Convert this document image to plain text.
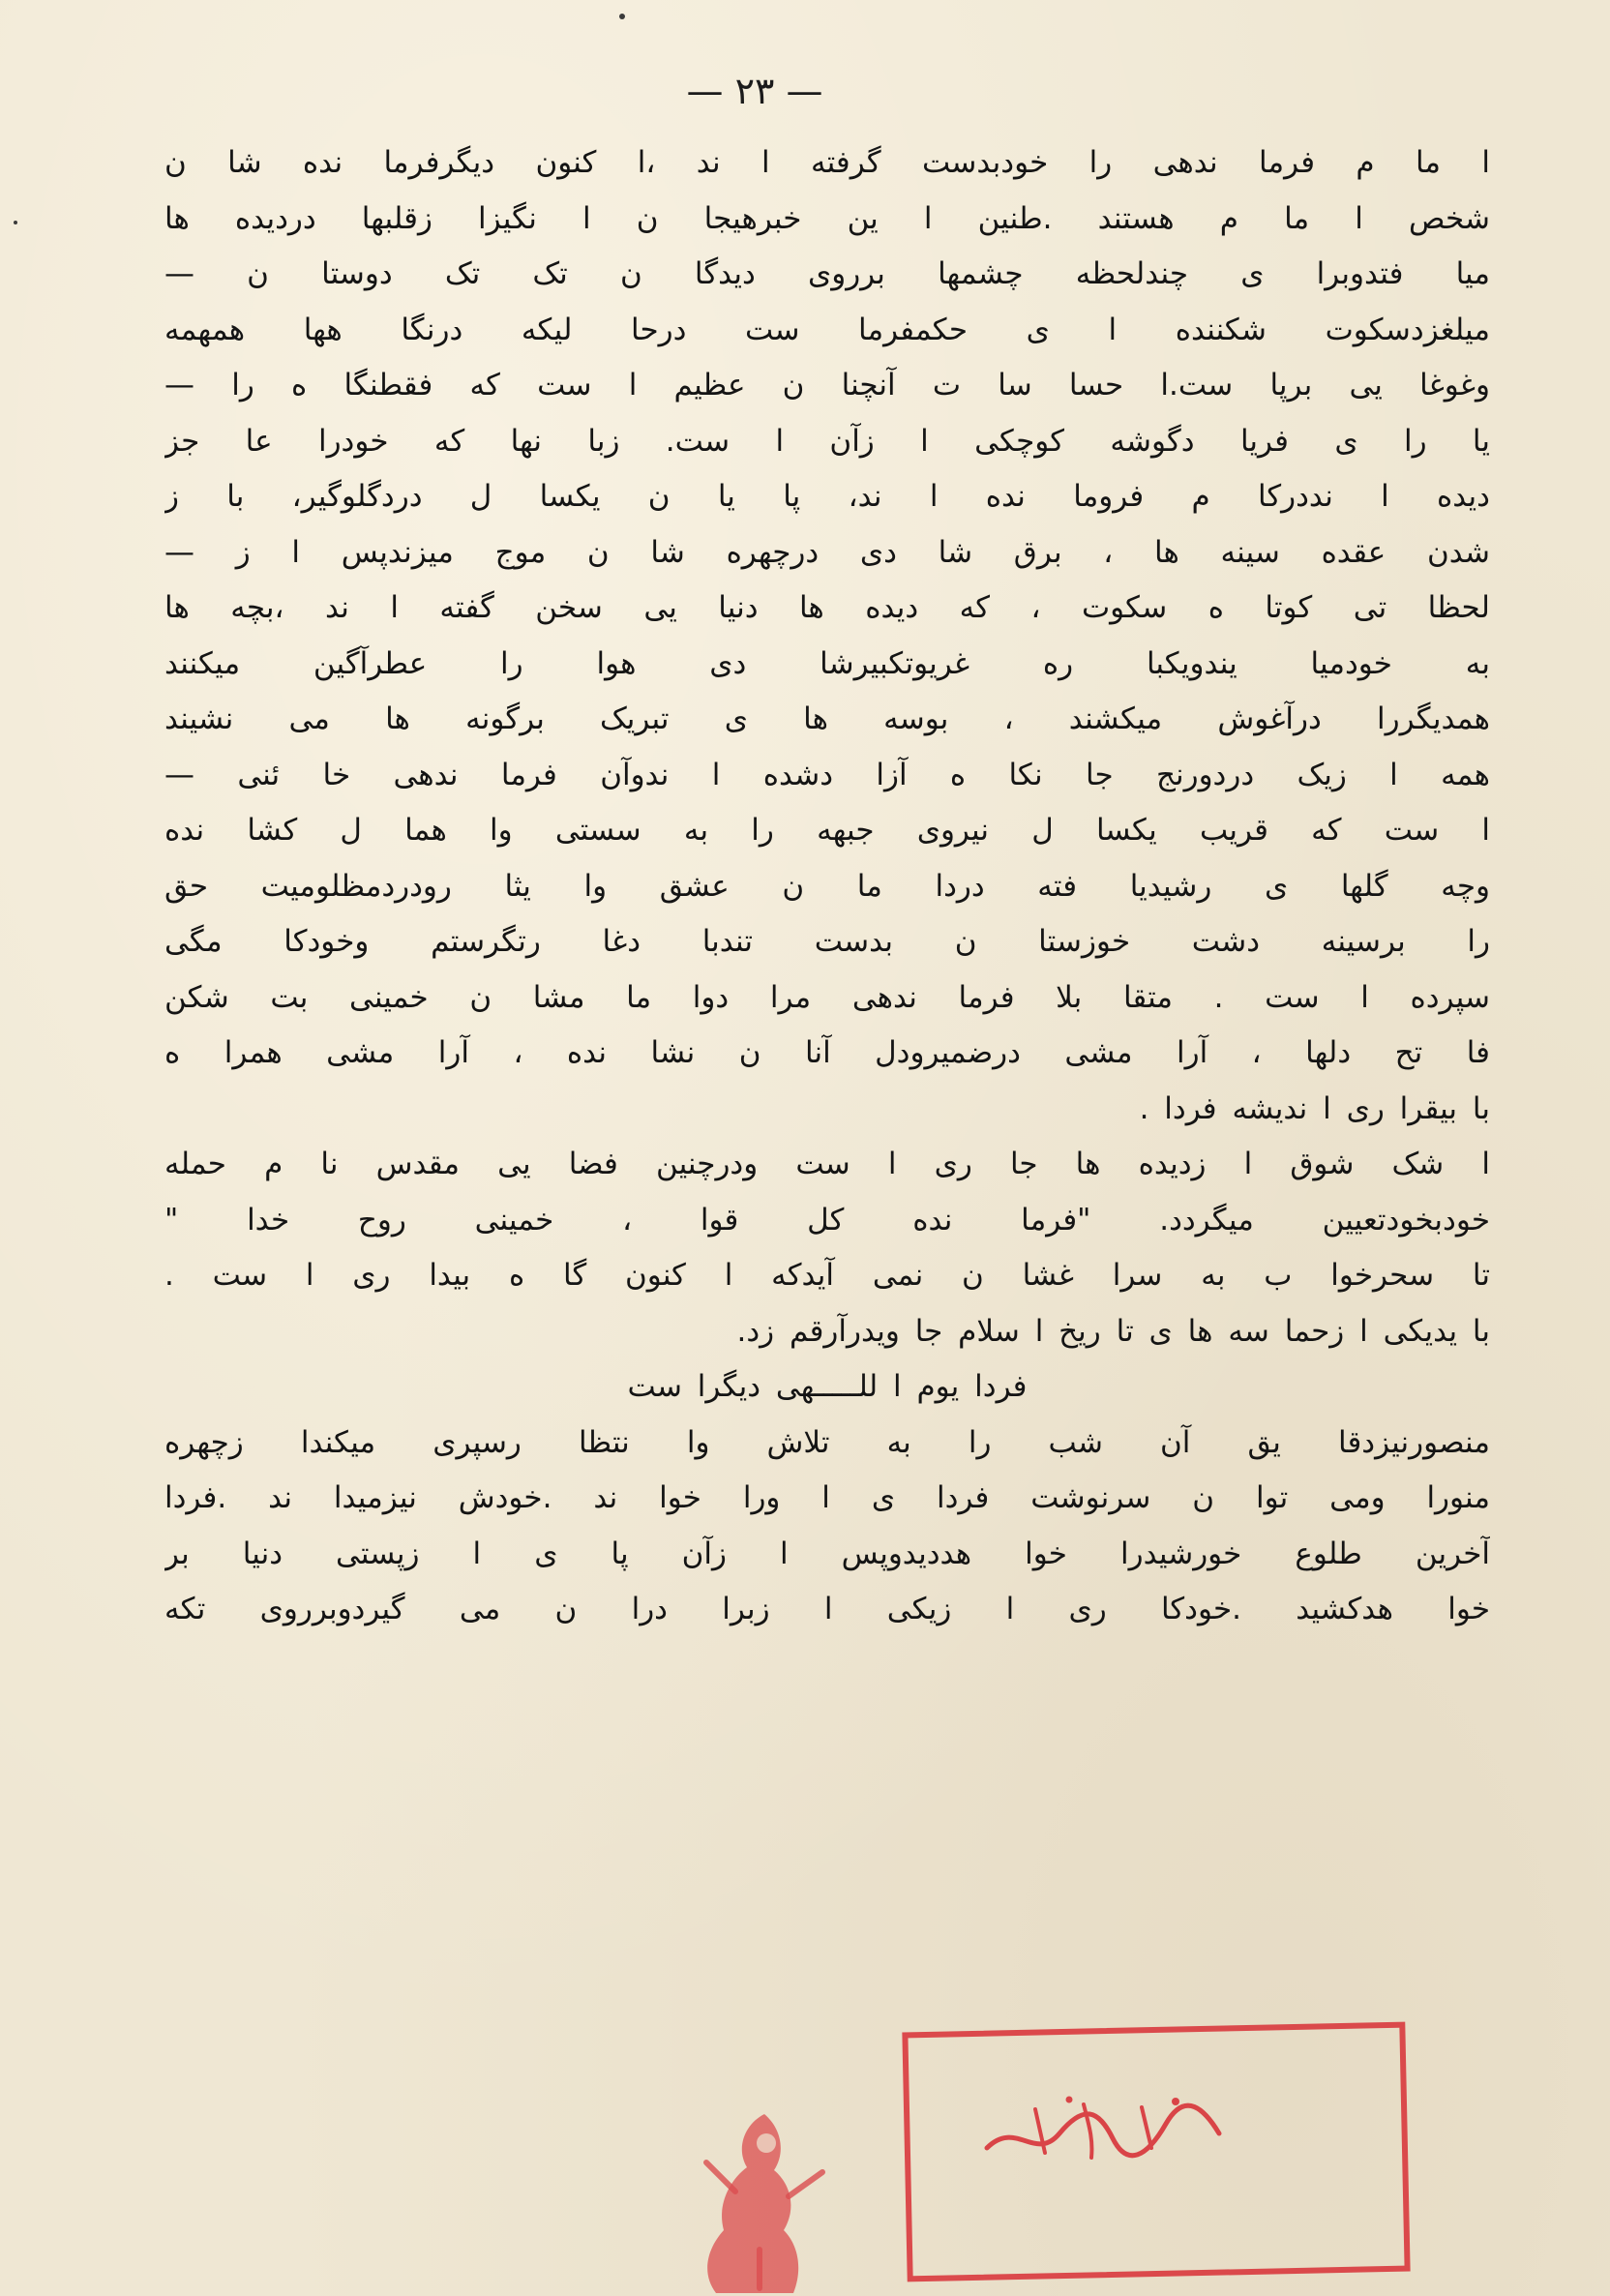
— ٢٣ —
ا ما م فرما ندهی را خودبدست گرفته ا ند ،ا کنون دیگرفرما نده شا ن
شخص ا ما م هستند .طنین ا ین خبرهیجا ن ا نگیزا زقلبها دردیده ها
میا فتدوبرا ی چندلحظه چشمها برروی دیدگا ن تک تک دوستا ن —
میلغزدسکوت شکننده ا ی حکمفرما ست درحا لیکه درنگا هها همهمه
وغوغا یی برپا ست.ا حسا سا ت آنچنا ن عظیم ا ست که فقطنگا ه را —
یا را ی فریا دگوشه کوچکی ا زآن ا ست. زبا نها که خودرا عا جز
دیده ا نددرکا م فروما نده ا ند، پا یا ن یکسا ل دردگلوگیر، با ز
شدن عقده سینه ها ، برق شا دی درچهره شا ن موج میزندپس ا ز —
لحظا تی کوتا ه سکوت ، که دیده ها دنیا یی سخن گفته ا ند ،بچه ها
به خودمیا یندویکبا ره غریوتکبیرشا دی هوا را عطرآگین میکنند
همدیگررا درآغوش میکشند ، بوسه ها ی تبریک برگونه ها می نشیند
همه ا زیک دردورنج جا نکا ه آزا دشده ا ندوآن فرما ندهی خا ئنی —
ا ست که قریب یکسا ل نیروی جبهه را به سستی وا هما ل کشا نده
وچه گلها ی رشیدیا فته دردا ما ن عشق وا یثا رودردمظلومیت حق
را برسینه دشت خوزستا ن بدست تندبا دغا رتگرستم وخودکا مگی
سپرده ا ست . متقا بلا فرما ندهی مرا دوا ما مشا ن خمینی بت شکن
فا تح دلها ، آرا مشی درضمیرودل آنا ن نشا نده ، آرا مشی همرا ه
با بیقرا ری ا ندیشه فردا .
ا شک شوق ا زدیده ها جا ری ا ست ودرچنین فضا یی مقدس نا م حمله
خودبخودتعیین میگردد. "فرما نده کل قوا ، خمینی روح خدا "
تا سحرخوا ب به سرا غشا ن نمی آیدکه ا کنون گا ه بیدا ری ا ست .
با یدیکی ا زحما سه ها ی تا ریخ ا سلام جا ویدرآرقم زد.
فردا یوم ا للـــــهی دیگرا ست
منصورنیزدقا یق آن شب را به تلاش وا نتظا رسپری میکندا زچهره
منورا ومی توا ن سرنوشت فردا ی ا ورا خوا ند .خودش نیزمیدا ند .فردا
آخرین طلوع خورشیدرا خوا هددیدوپس ا زآن پا ی ا زپستی دنیا بر
خوا هدکشید .خودکا ری ا زیکی ا زبرا درا ن می گیردوبرروی تکه
